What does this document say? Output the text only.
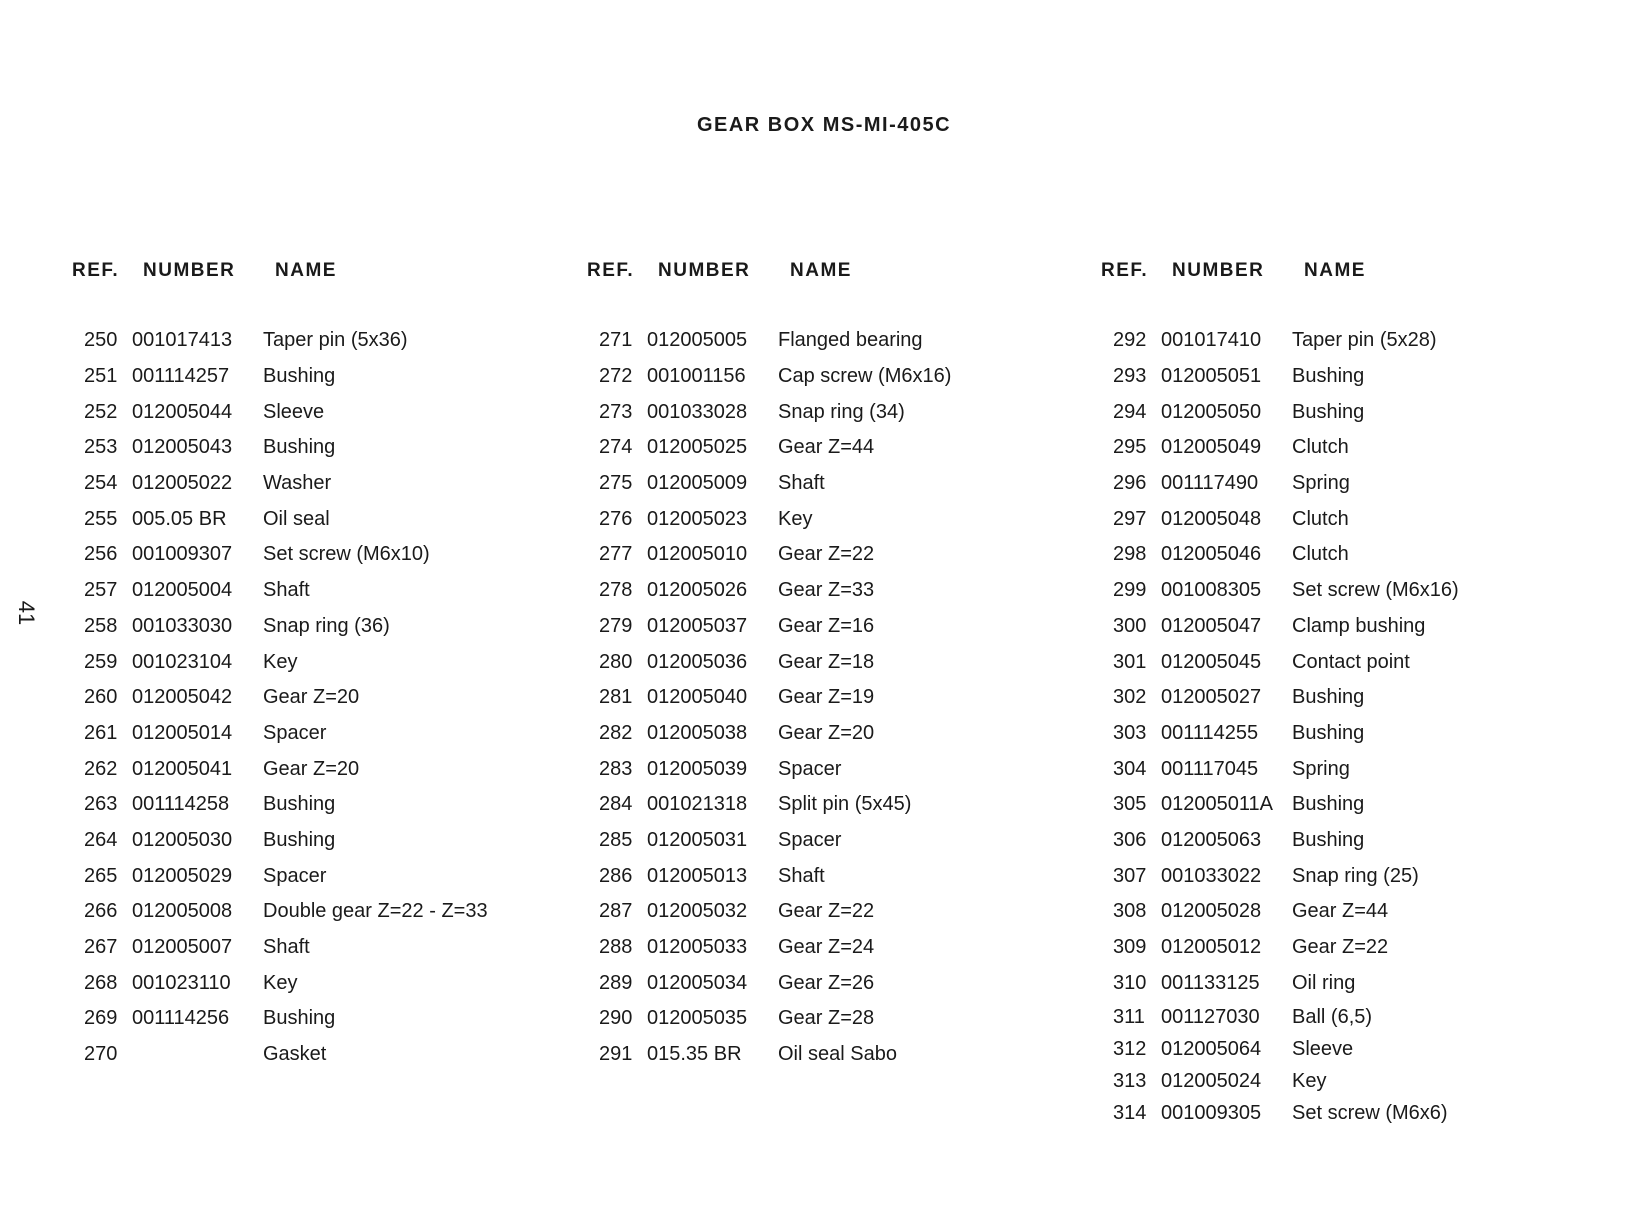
GEAR BOX MS-MI-405C
41
REF.	NUMBER	NAME
250 001017413	Taper pin (5x36)
251 001114257	Bushing
252 012005044	Sleeve
253 012005043	Bushing
254 012005022	Washer
255 005.05 BR	Oil seal
256 001009307	Set screw (M6x10)
257 012005004	Shaft
258 001033030	Snap ring (36)
259 001023104	Key
260 012005042	Gear Z=20
261 012005014	Spacer
262 012005041	Gear Z=20
263 001114258	Bushing
264 012005030	Bushing
265 012005029	Spacer
266 012005008	Double gear Z=22 - Z=33
267 012005007	Shaft
268 001023110	Key
269 001114256	Bushing
270	Gasket
REF.	NUMBER	NAME
271 012005005	Flanged bearing
272 001001156	Cap screw (M6x16)
273 001033028	Snap ring (34)
274 012005025	Gear Z=44
275 012005009	Shaft
276 012005023	Key
277 012005010	Gear Z=22
278 012005026	Gear Z=33
279 012005037	Gear Z=16
280 012005036	Gear Z=18
281 012005040	Gear Z=19
282 012005038	Gear Z=20
283 012005039	Spacer
284 001021318	Split pin (5x45)
285 012005031	Spacer
286 012005013	Shaft
287 012005032	Gear Z=22
288 012005033	Gear Z=24
289 012005034	Gear Z=26
290 012005035	Gear Z=28
291 015.35 BR	Oil seal Sabo
REF.	NUMBER	NAME
292 001017410	Taper pin (5x28)
293 012005051	Bushing
294 012005050	Bushing
295 012005049	Clutch
296 001117490	Spring
297 012005048	Clutch
298 012005046	Clutch
299 001008305	Set screw (M6x16)
300 012005047	Clamp bushing
301 012005045	Contact point
302 012005027	Bushing
303 001114255	Bushing
304 001117045	Spring
305 012005011A Bushing
306 012005063	Bushing
307 001033022	Snap ring (25)
308 012005028	Gear Z=44
309 012005012	Gear Z=22
310 001133125	Oil ring
311 001127030	Ball (6,5)
312 012005064	Sleeve
313 012005024	Key
314 001009305	Set screw (M6x6)
